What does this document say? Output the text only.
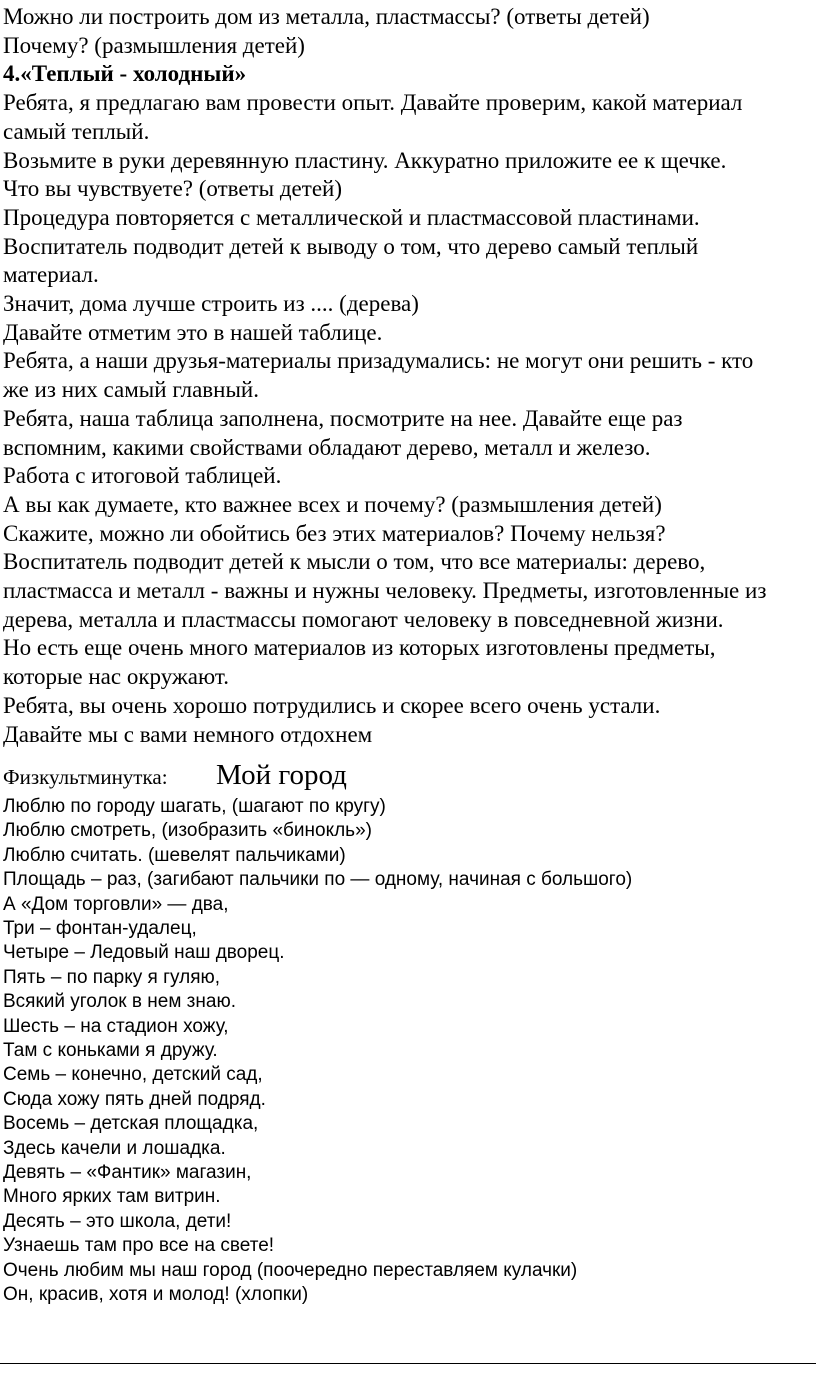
Можно ли построить дом из металла, пластмассы? (ответы детей)
Почему? (размышления детей)
4.«Теплый - холодный»
Ребята, я предлагаю вам провести опыт. Давайте проверим, какой материал
самый теплый.
Возьмите в руки деревянную пластину. Аккуратно приложите ее к щечке.
Что вы чувствуете? (ответы детей)
Процедура повторяется с металлической и пластмассовой пластинами.
Воспитатель подводит детей к выводу о том, что дерево самый теплый
материал.
Значит, дома лучше строить из .... (дерева)
Давайте отметим это в нашей таблице.
Ребята, а наши друзья-материалы призадумались: не могут они решить - кто
же из них самый главный.
Ребята, наша таблица заполнена, посмотрите на нее. Давайте еще раз
вспомним, какими свойствами обладают дерево, металл и железо.
Работа с итоговой таблицей.
А вы как думаете, кто важнее всех и почему? (размышления детей)
Скажите, можно ли обойтись без этих материалов? Почему нельзя?
Воспитатель подводит детей к мысли о том, что все материалы: дерево,
пластмасса и металл - важны и нужны человеку. Предметы, изготовленные из
дерева, металла и пластмассы помогают человеку в повседневной жизни.
Но есть еще очень много материалов из которых изготовлены предметы,
которые нас окружают.
Ребята, вы очень хорошо потрудились и скорее всего очень устали.
Давайте мы с вами немного отдохнем
Физкультминутка: Мой город
Люблю по городу шагать, (шагают по кругу)
Люблю смотреть, (изобразить «бинокль»)
Люблю считать. (шевелят пальчиками)
Площадь – раз, (загибают пальчики по — одному, начиная с большого)
А «Дом торговли» — два,
Три – фонтан-удалец,
Четыре – Ледовый наш дворец.
Пять – по парку я гуляю,
Всякий уголок в нем знаю.
Шесть – на стадион хожу,
Там с коньками я дружу.
Семь – конечно, детский сад,
Сюда хожу пять дней подряд.
Восемь – детская площадка,
Здесь качели и лошадка.
Девять – «Фантик» магазин,
Много ярких там витрин.
Десять – это школа, дети!
Узнаешь там про все на свете!
Очень любим мы наш город (поочередно переставляем кулачки)
Он, красив, хотя и молод! (хлопки)
